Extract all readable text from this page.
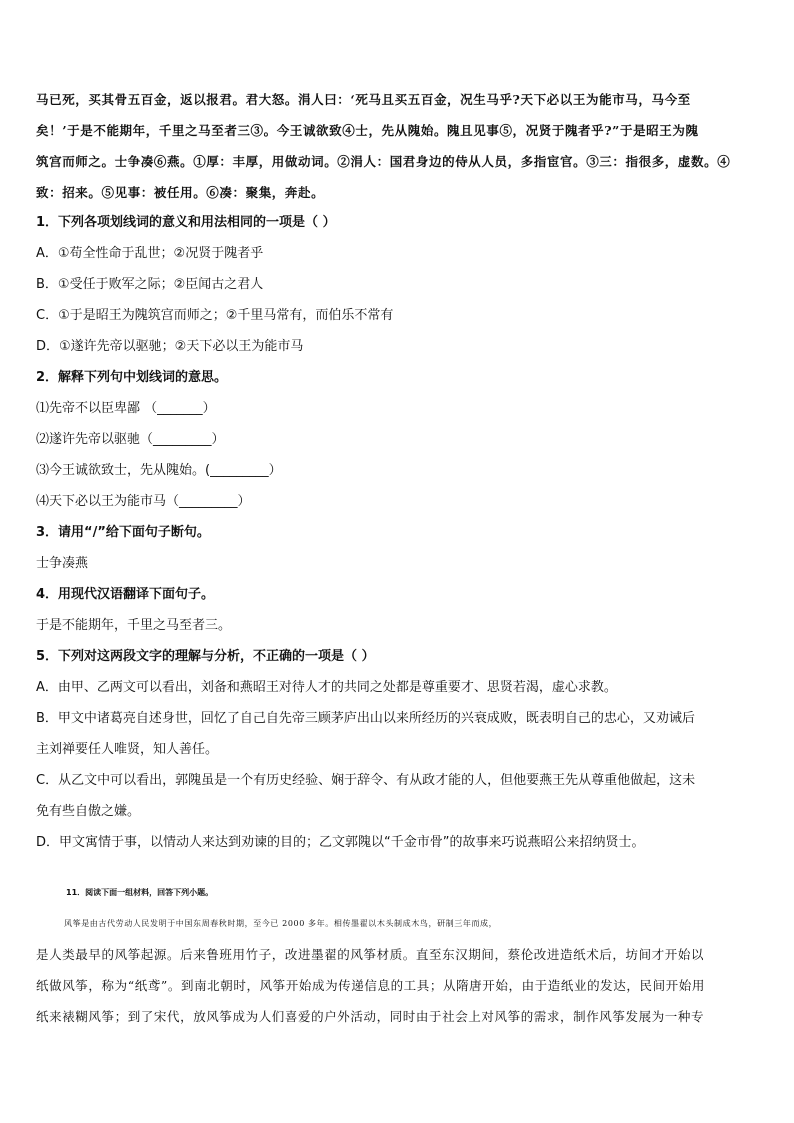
马已死，买其骨五百金，返以报君。君大怒。涓人曰：‘死马且买五百金，况生马乎?天下必以王为能市马，马今至
矣！’于是不能期年，千里之马至者三③。今王诚欲致④士，先从隗始。隗且见事⑤，况贤于隗者乎?”于是昭王为隗
筑宫而师之。士争凑⑥燕。①厚：丰厚，用做动词。②涓人：国君身边的侍从人员，多指宦官。③三：指很多，虚数。④
致：招来。⑤见事：被任用。⑥凑：聚集，奔赴。
1．下列各项划线词的意义和用法相同的一项是（ ）
A．①苟全性命于乱世；②况贤于隗者乎
B．①受任于败军之际；②臣闻古之君人
C．①于是昭王为隗筑宫而师之；②千里马常有，而伯乐不常有
D．①遂许先帝以驱驰；②天下必以王为能市马
2．解释下列句中划线词的意思。
⑴先帝不以臣卑鄙 （_______）
⑵遂许先帝以驱驰（_________）
⑶今王诚欲致士，先从隗始。(_________）
⑷天下必以王为能市马（_________）
3．请用“/”给下面句子断句。
士争凑燕
4．用现代汉语翻译下面句子。
于是不能期年，千里之马至者三。
5．下列对这两段文字的理解与分析，不正确的一项是（ ）
A．由甲、乙两文可以看出，刘备和燕昭王对待人才的共同之处都是尊重要才、思贤若渴，虚心求教。
B．甲文中诸葛亮自述身世，回忆了自己自先帝三顾茅庐出山以来所经历的兴衰成败，既表明自己的忠心，又劝诫后
主刘禅要任人唯贤，知人善任。
C．从乙文中可以看出，郭隗虽是一个有历史经验、娴于辞令、有从政才能的人，但他要燕王先从尊重他做起，这未
免有些自傲之嫌。
D．甲文寓情于事，以情动人来达到劝谏的目的；乙文郭隗以“千金市骨”的故事来巧说燕昭公来招纳贤士。
11．阅读下面一组材料，回答下列小题。
风筝是由古代劳动人民发明于中国东周春秋时期，至今已 2000 多年。相传墨翟以木头制成木鸟，研制三年而成，
是人类最早的风筝起源。后来鲁班用竹子，改进墨翟的风筝材质。直至东汉期间，蔡伦改进造纸术后，坊间才开始以
纸做风筝，称为“纸鸢”。到南北朝时，风筝开始成为传递信息的工具；从隋唐开始，由于造纸业的发达，民间开始用
纸来裱糊风筝；到了宋代，放风筝成为人们喜爱的户外活动，同时由于社会上对风筝的需求，制作风筝发展为一种专
